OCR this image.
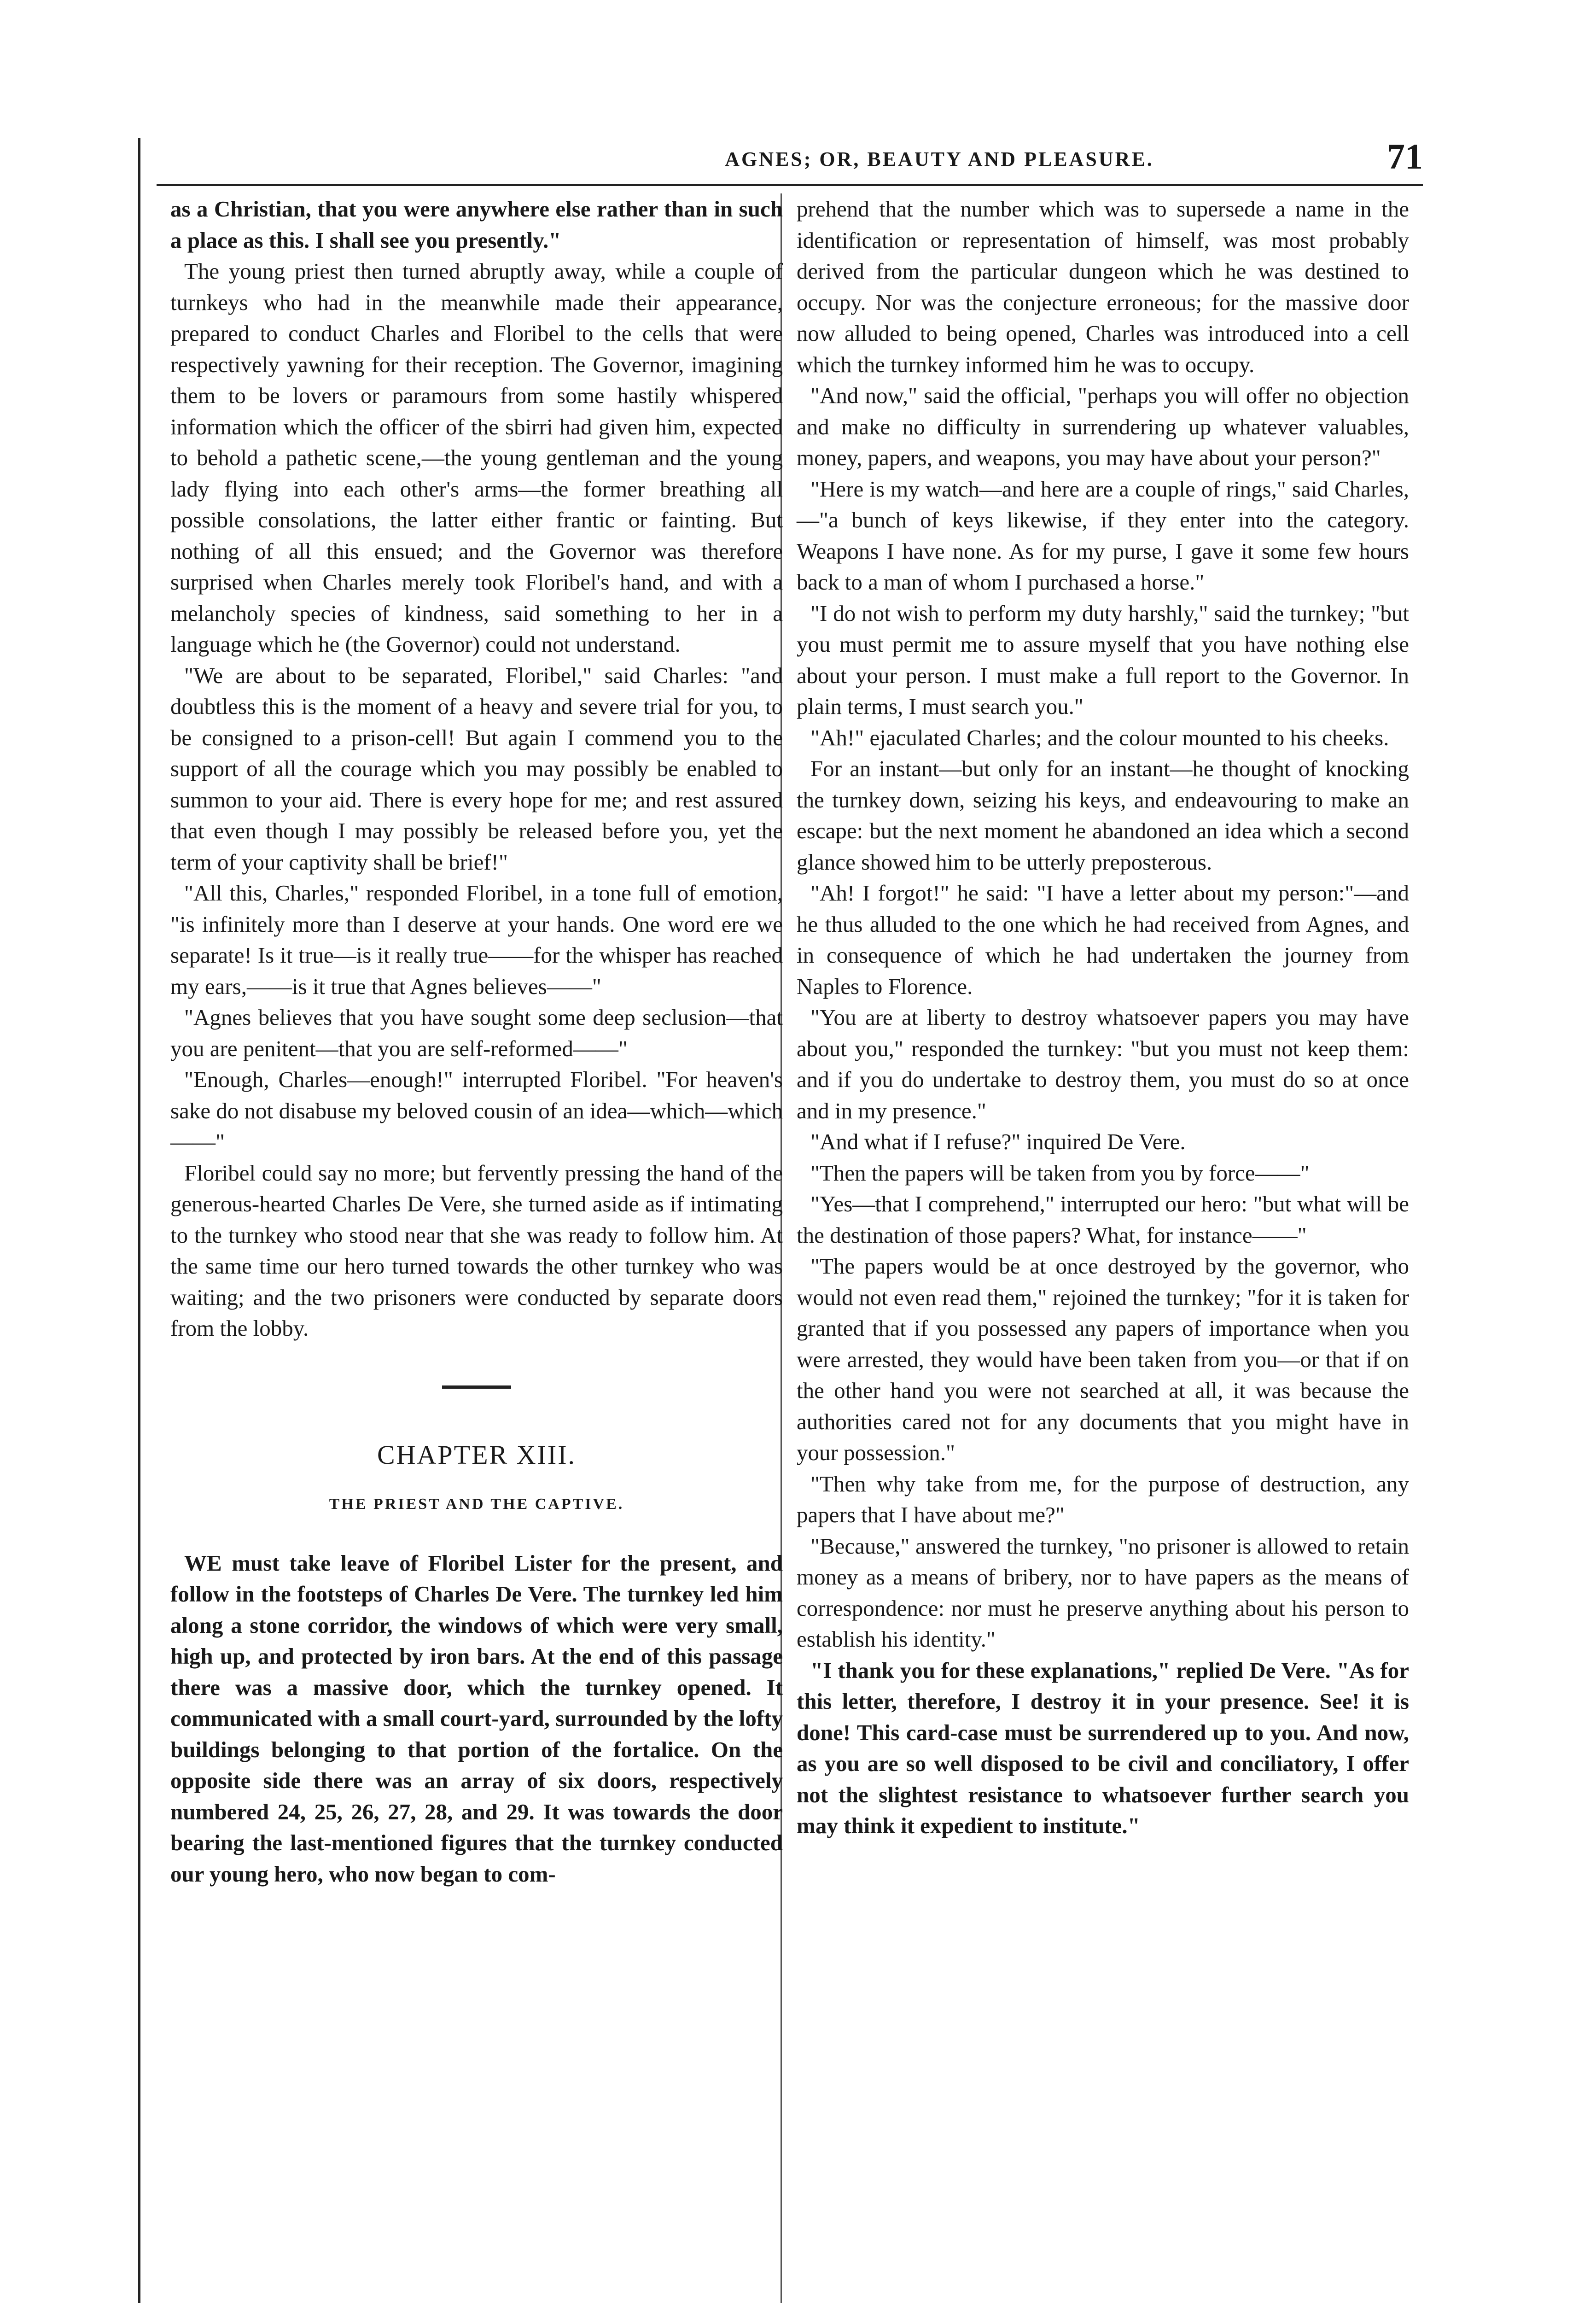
AGNES; OR, BEAUTY AND PLEASURE.	71

as a Christian, that you were anywhere else rather than in such a place as this. I shall see you presently."

The young priest then turned abruptly away, while a couple of turnkeys who had in the meanwhile made their appearance, prepared to conduct Charles and Floribel to the cells that were respectively yawning for their reception. The Governor, imagining them to be lovers or paramours from some hastily whispered information which the officer of the sbirri had given him, expected to behold a pathetic scene,—the young gentleman and the young lady flying into each other's arms—the former breathing all possible consolations, the latter either frantic or fainting. But nothing of all this ensued; and the Governor was therefore surprised when Charles merely took Floribel's hand, and with a melancholy species of kindness, said something to her in a language which he (the Governor) could not understand.

"We are about to be separated, Floribel," said Charles: "and doubtless this is the moment of a heavy and severe trial for you, to be consigned to a prison-cell! But again I commend you to the support of all the courage which you may possibly be enabled to summon to your aid. There is every hope for me; and rest assured that even though I may possibly be released before you, yet the term of your captivity shall be brief!"

"All this, Charles," responded Floribel, in a tone full of emotion, "is infinitely more than I deserve at your hands. One word ere we separate! Is it true—is it really true——for the whisper has reached my ears,——is it true that Agnes believes——"

"Agnes believes that you have sought some deep seclusion—that you are penitent—that you are self-reformed——"

"Enough, Charles—enough!" interrupted Floribel. "For heaven's sake do not disabuse my beloved cousin of an idea—which—which——"

Floribel could say no more; but fervently pressing the hand of the generous-hearted Charles De Vere, she turned aside as if intimating to the turnkey who stood near that she was ready to follow him. At the same time our hero turned towards the other turnkey who was waiting; and the two prisoners were conducted by separate doors from the lobby.

CHAPTER XIII.

THE PRIEST AND THE CAPTIVE.

WE must take leave of Floribel Lister for the present, and follow in the footsteps of Charles De Vere. The turnkey led him along a stone corridor, the windows of which were very small, high up, and protected by iron bars. At the end of this passage there was a massive door, which the turnkey opened. It communicated with a small court-yard, surrounded by the lofty buildings belonging to that portion of the fortalice. On the opposite side there was an array of six doors, respectively numbered 24, 25, 26, 27, 28, and 29. It was towards the door bearing the last-mentioned figures that the turnkey conducted our young hero, who now began to com-

prehend that the number which was to supersede a name in the identification or representation of himself, was most probably derived from the particular dungeon which he was destined to occupy. Nor was the conjecture erroneous; for the massive door now alluded to being opened, Charles was introduced into a cell which the turnkey informed him he was to occupy.

"And now," said the official, "perhaps you will offer no objection and make no difficulty in surrendering up whatever valuables, money, papers, and weapons, you may have about your person?"

"Here is my watch—and here are a couple of rings," said Charles,—"a bunch of keys likewise, if they enter into the category. Weapons I have none. As for my purse, I gave it some few hours back to a man of whom I purchased a horse."

"I do not wish to perform my duty harshly," said the turnkey; "but you must permit me to assure myself that you have nothing else about your person. I must make a full report to the Governor. In plain terms, I must search you."

"Ah!" ejaculated Charles; and the colour mounted to his cheeks.

For an instant—but only for an instant—he thought of knocking the turnkey down, seizing his keys, and endeavouring to make an escape: but the next moment he abandoned an idea which a second glance showed him to be utterly preposterous.

"Ah! I forgot!" he said: "I have a letter about my person:"—and he thus alluded to the one which he had received from Agnes, and in consequence of which he had undertaken the journey from Naples to Florence.

"You are at liberty to destroy whatsoever papers you may have about you," responded the turnkey: "but you must not keep them: and if you do undertake to destroy them, you must do so at once and in my presence."

"And what if I refuse?" inquired De Vere.

"Then the papers will be taken from you by force——"

"Yes—that I comprehend," interrupted our hero: "but what will be the destination of those papers? What, for instance——"

"The papers would be at once destroyed by the governor, who would not even read them," rejoined the turnkey; "for it is taken for granted that if you possessed any papers of importance when you were arrested, they would have been taken from you—or that if on the other hand you were not searched at all, it was because the authorities cared not for any documents that you might have in your possession."

"Then why take from me, for the purpose of destruction, any papers that I have about me?"

"Because," answered the turnkey, "no prisoner is allowed to retain money as a means of bribery, nor to have papers as the means of correspondence: nor must he preserve anything about his person to establish his identity."

"I thank you for these explanations," replied De Vere. "As for this letter, therefore, I destroy it in your presence. See! it is done! This card-case must be surrendered up to you. And now, as you are so well disposed to be civil and conciliatory, I offer not the slightest resistance to whatsoever further search you may think it expedient to institute."
